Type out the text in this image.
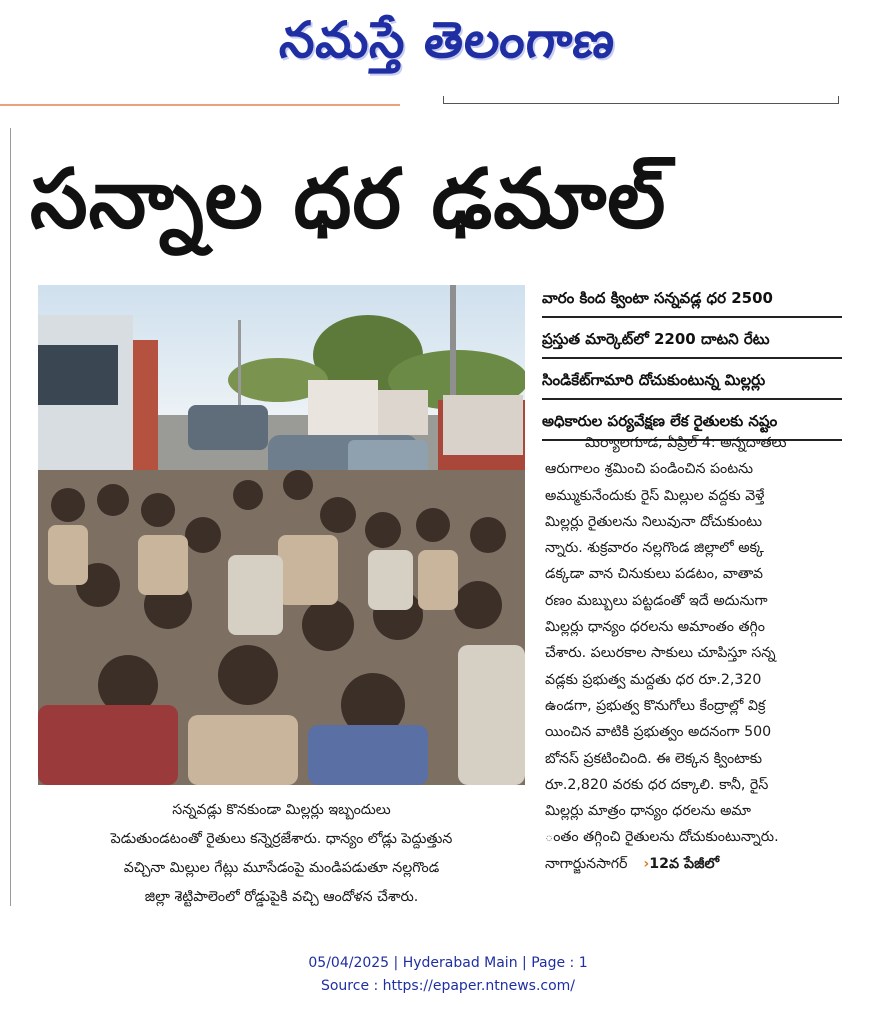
నమస్తే తెలంగాణ
సన్నాల ధర ఢమాల్
వారం కింద క్వింటా సన్నవడ్ల ధర 2500
ప్రస్తుత మార్కెట్‌లో 2200 దాటని రేటు
సిండికేట్‌గామారి దోచుకుంటున్న మిల్లర్లు
అధికారుల పర్యవేక్షణ లేక రైతులకు నష్టం
మిర్యాలగూడ, ఏప్రిల్ 4: అన్నదాతలు
ఆరుగాలం శ్రమించి పండించిన పంటను
అమ్ముకునేందుకు రైస్ మిల్లుల వద్దకు వెళ్తే
మిల్లర్లు రైతులను నిలువునా దోచుకుంటు
న్నారు. శుక్రవారం నల్లగొండ జిల్లాలో అక్క
డక్కడా వాన చినుకులు పడటం, వాతావ
రణం మబ్బులు పట్టడంతో ఇదే అదునుగా
మిల్లర్లు ధాన్యం ధరలను అమాంతం తగ్గిం
చేశారు. పలురకాల సాకులు చూపిస్తూ సన్న
వడ్లకు ప్రభుత్వ మద్దతు ధర రూ.2,320
ఉండగా, ప్రభుత్వ కొనుగోలు కేంద్రాల్లో విక్ర
యించిన వాటికి ప్రభుత్వం అదనంగా 500
బోనస్ ప్రకటించింది. ఈ లెక్కన క్వింటాకు
రూ.2,820 వరకు ధర దక్కాలి. కానీ, రైస్
మిల్లర్లు మాత్రం ధాన్యం ధరలను అమా
ంతం తగ్గించి రైతులను దోచుకుంటున్నారు.
నాగార్జునసాగర్ ›12వ పేజీలో
సన్నవడ్లు కొనకుండా మిల్లర్లు ఇబ్బందులు
పెడుతుండటంతో రైతులు కన్నెర్రజేశారు. ధాన్యం లోడ్లు పెద్దుత్తున
వచ్చినా మిల్లుల గేట్లు మూసేడంపై మండిపడుతూ నల్లగొండ
జిల్లా శెట్టిపాలెంలో రోడ్డుపైకి వచ్చి ఆందోళన చేశారు.
05/04/2025 | Hyderabad Main | Page : 1
Source : https://epaper.ntnews.com/
